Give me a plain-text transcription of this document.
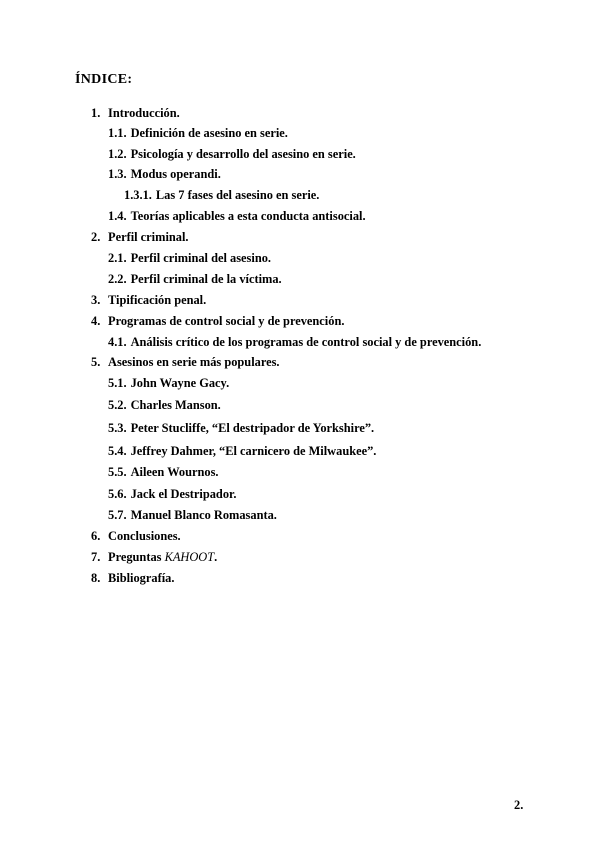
ÍNDICE:
1. Introducción.
1.1. Definición de asesino en serie.
1.2. Psicología y desarrollo del asesino en serie.
1.3. Modus operandi.
1.3.1. Las 7 fases del asesino en serie.
1.4. Teorías aplicables a esta conducta antisocial.
2. Perfil criminal.
2.1. Perfil criminal del asesino.
2.2. Perfil criminal de la víctima.
3. Tipificación penal.
4. Programas de control social y de prevención.
4.1. Análisis crítico de los programas de control social y de prevención.
5. Asesinos en serie más populares.
5.1. John Wayne Gacy.
5.2. Charles Manson.
5.3. Peter Stucliffe, “El destripador de Yorkshire”.
5.4. Jeffrey Dahmer, “El carnicero de Milwaukee”.
5.5. Aileen Wournos.
5.6. Jack el Destripador.
5.7. Manuel Blanco Romasanta.
6. Conclusiones.
7. Preguntas KAHOOT.
8. Bibliografía.
2.
